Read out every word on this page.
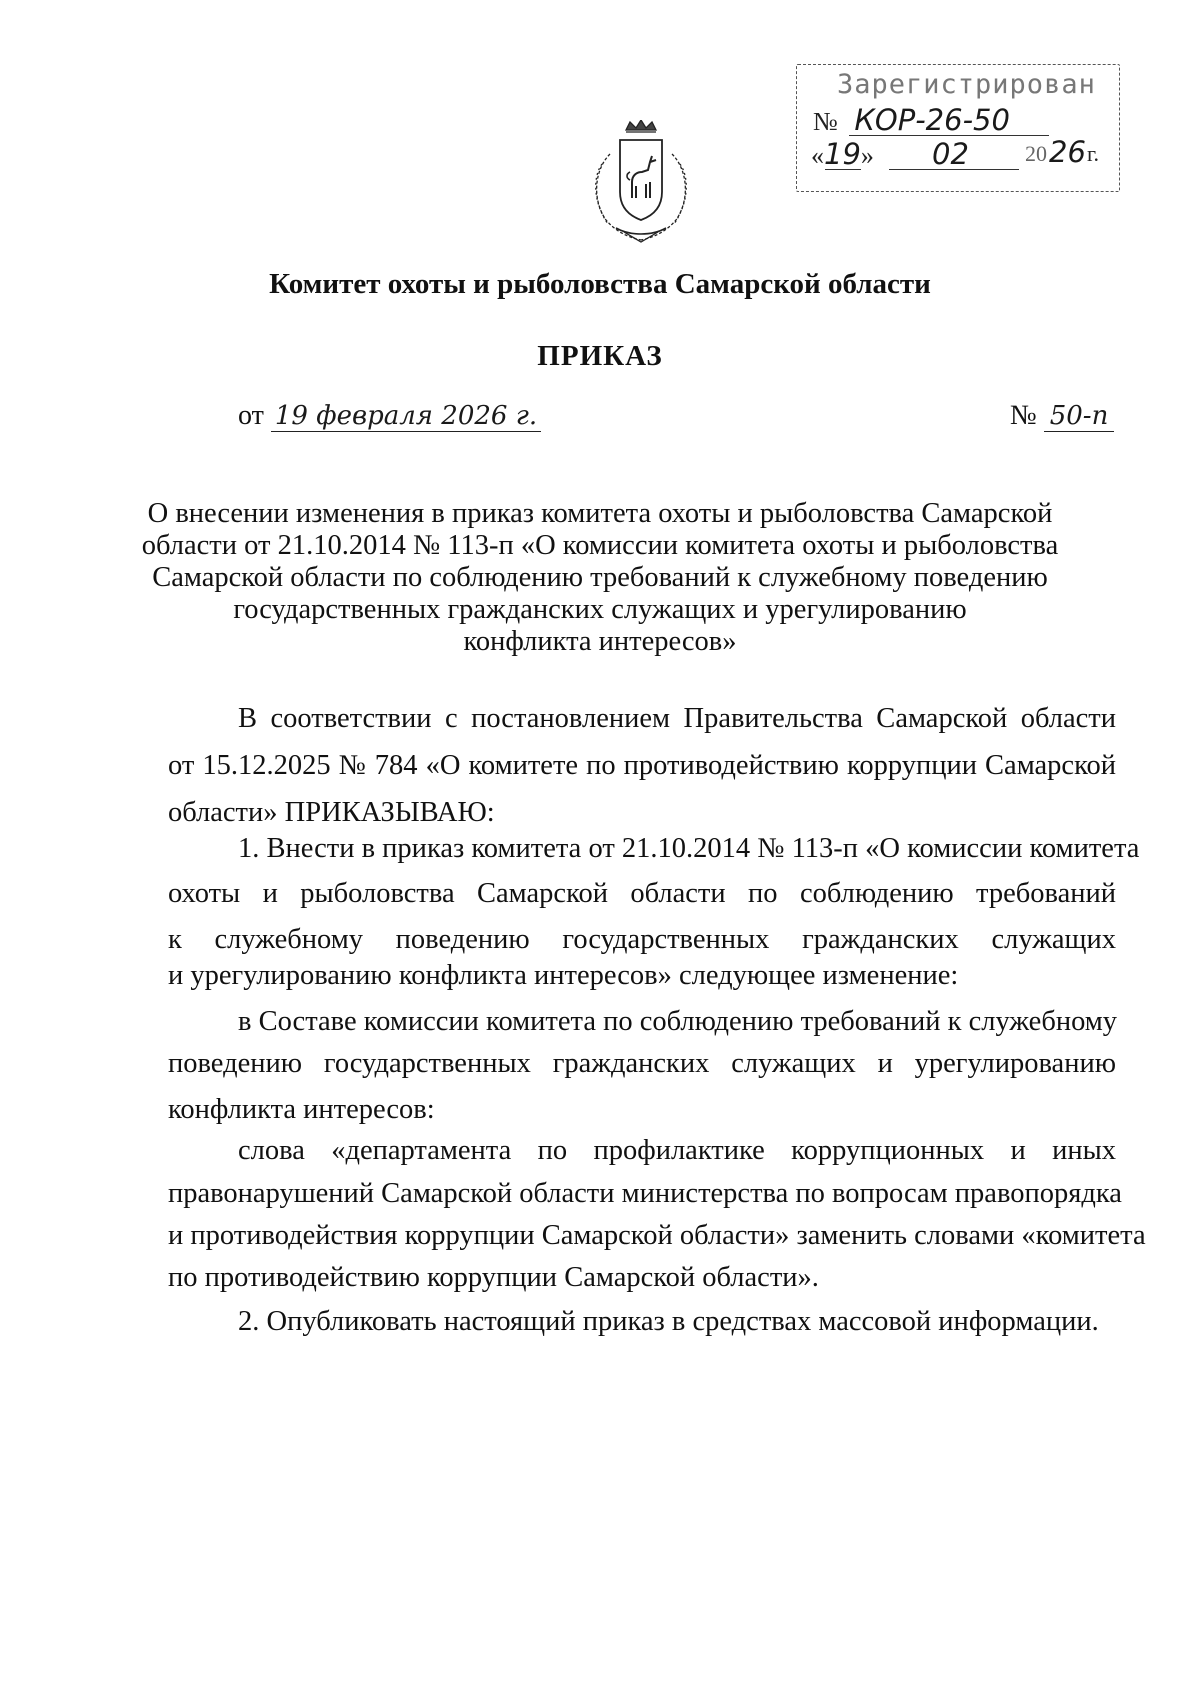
Зарегистрирован
№ КОР-26-50
«19» 02	20 26 г.
Комитет охоты и рыболовства Самарской области
ПРИКАЗ
от 19 февраля 2026 г.	№ 50-п
О внесении изменения в приказ комитета охоты и рыболовства Самарской
области от 21.10.2014 № 113-п «О комиссии комитета охоты и рыболовства
Самарской области по соблюдению требований к служебному поведению
государственных гражданских служащих и урегулированию
конфликта интересов»
В соответствии с постановлением Правительства Самарской области
от 15.12.2025 № 784 «О комитете по противодействию коррупции Самарской
области» ПРИКАЗЫВАЮ:
1. Внести в приказ комитета от 21.10.2014 № 113-п «О комиссии комитета
охоты и рыболовства Самарской области по соблюдению требований
к служебному поведению государственных гражданских служащих
и урегулированию конфликта интересов» следующее изменение:
в Составе комиссии комитета по соблюдению требований к служебному
поведению государственных гражданских служащих и урегулированию
конфликта интересов:
слова «департамента по профилактике коррупционных и иных
правонарушений Самарской области министерства по вопросам правопорядка
и противодействия коррупции Самарской области» заменить словами «комитета
по противодействию коррупции Самарской области».
2. Опубликовать настоящий приказ в средствах массовой информации.
